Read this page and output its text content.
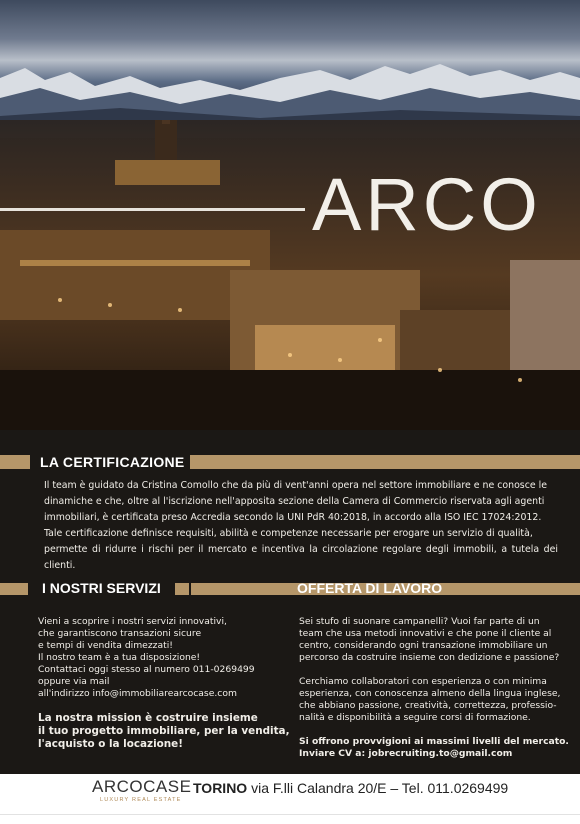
ARCO
LA CERTIFICAZIONE

Il team è guidato da Cristina Comollo che da più di vent'anni opera nel settore immobiliare e ne conosce le

dinamiche e che, oltre al l'iscrizione nell'apposita sezione della Camera di Commercio riservata agli agenti

immobiliari, è certificata preso Accredia secondo la UNI PdR 40:2018, in accordo alla ISO IEC 17024:2012.

Tale certificazione definisce requisiti, abilità e competenze necessarie per erogare un servizio di qualità,

permette di ridurre i rischi per il mercato e incentiva la circolazione regolare degli immobili, a tutela dei clienti.

I NOSTRI SERVIZI	OFFERTA DI LAVORO
Vieni a scoprire i nostri servizi innovativi,
che garantiscono transazioni sicure
e tempi di vendita dimezzati!
Il nostro team è a tua disposizione!
Contattaci oggi stesso al numero 011-0269499
oppure via mail
all'indirizzo info@immobiliarearcocase.com
La nostra mission è costruire insieme
il tuo progetto immobiliare, per la vendita,
l'acquisto o la locazione!
Sei stufo di suonare campanelli? Vuoi far parte di un
team che usa metodi innovativi e che pone il cliente al
centro, considerando ogni transazione immobiliare un
percorso da costruire insieme con dedizione e passione?
Cerchiamo collaboratori con esperienza o con minima
esperienza, con conoscenza almeno della lingua inglese,
che abbiano passione, creatività, correttezza, professio-
nalità e disponibilità a seguire corsi di formazione.
Si offrono provvigioni ai massimi livelli del mercato.
Inviare CV a: jobrecruiting.to@gmail.com
ARCOCASE
LUXURY REAL ESTATE
TORINO via F.lli Calandra 20/E – Tel. 011.0269499
